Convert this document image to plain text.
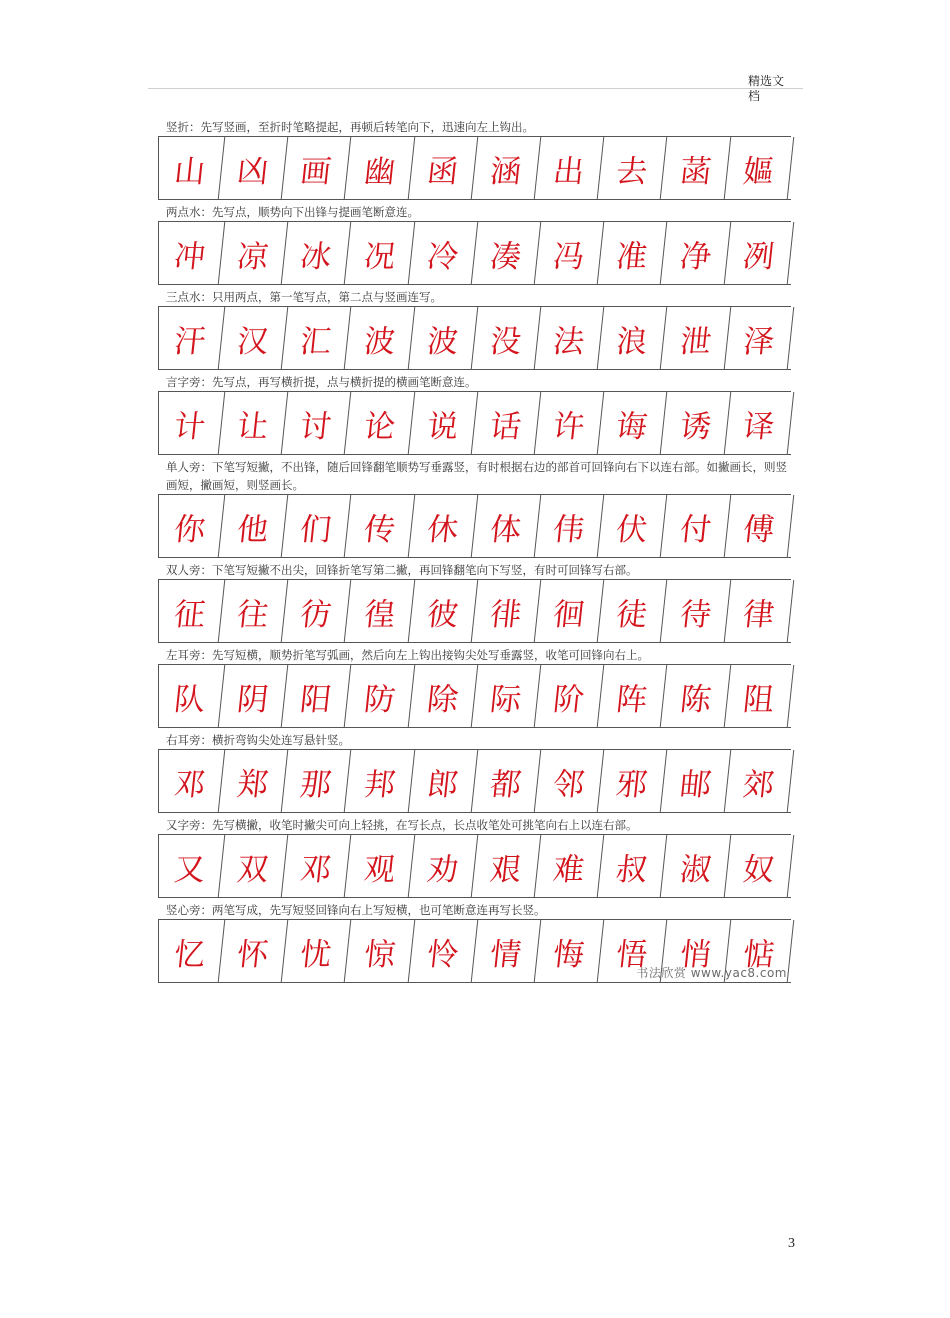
精选文档
竖折：先写竖画，至折时笔略提起，再顿后转笔向下，迅速向左上钩出。
山 凶 画 幽 函 涵 出 去 菡 嫗
两点水：先写点，顺势向下出锋与提画笔断意连。
冲 凉 冰 况 冷 凑 冯 准 净 冽
三点水：只用两点，第一笔写点，第二点与竖画连写。
汗 汉 汇 波 波 没 法 浪 泄 泽
言字旁：先写点，再写横折提，点与横折提的横画笔断意连。
计 让 讨 论 说 话 许 诲 诱 译
单人旁：下笔写短撇，不出锋，随后回锋翻笔顺势写垂露竖，有时根据右边的部首可回锋向右下以连右部。如撇画长，则竖画短，撇画短，则竖画长。
你 他 们 传 休 体 伟 伏 付 傅
双人旁：下笔写短撇不出尖，回锋折笔写第二撇，再回锋翻笔向下写竖，有时可回锋写右部。
征 往 彷 徨 彼 徘 徊 徒 待 律
左耳旁：先写短横，顺势折笔写弧画，然后向左上钩出接钩尖处写垂露竖，收笔可回锋向右上。
队 阴 阳 防 除 际 阶 阵 陈 阻
右耳旁：横折弯钩尖处连写悬针竖。
邓 郑 那 邦 郎 都 邻 邪 邮 郊
又字旁：先写横撇，收笔时撇尖可向上轻挑，在写长点，长点收笔处可挑笔向右上以连右部。
又 双 邓 观 劝 艰 难 叔 淑 奴
竖心旁：两笔写成，先写短竖回锋向右上写短横，也可笔断意连再写长竖。
忆 怀 忧 惊 怜 情 悔 悟 悄 惦
书法欣赏 www.yac8.com
3
